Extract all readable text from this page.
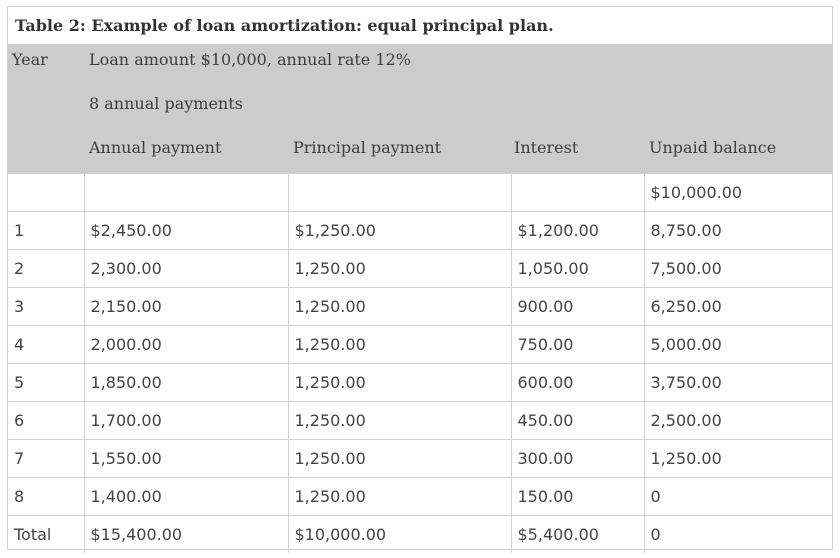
Table 2: Example of loan amortization: equal principal plan.
Year	Loan amount $10,000, annual rate 12%			
	8 annual payments			
	Annual payment	Principal payment	Interest	Unpaid balance
				$10,000.00
1	$2,450.00	$1,250.00	$1,200.00	8,750.00
2	2,300.00	1,250.00	1,050.00	7,500.00
3	2,150.00	1,250.00	900.00	6,250.00
4	2,000.00	1,250.00	750.00	5,000.00
5	1,850.00	1,250.00	600.00	3,750.00
6	1,700.00	1,250.00	450.00	2,500.00
7	1,550.00	1,250.00	300.00	1,250.00
8	1,400.00	1,250.00	150.00	0
Total	$15,400.00	$10,000.00	$5,400.00	0
